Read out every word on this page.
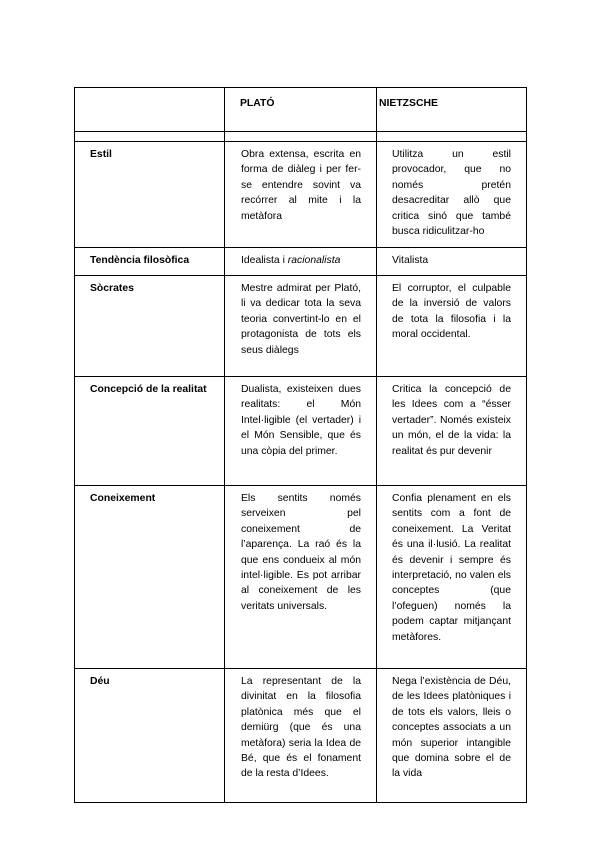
	PLATÓ	NIETZSCHE

Estil	Obra extensa, escrita en forma de diàleg i per fer-se entendre sovint va recórrer al mite i la metàfora	Utilitza un estil provocador, que no només pretén desacreditar allò que critica sinó que també busca ridiculitzar-ho
Tendència filosòfica	Idealista i racionalista	Vitalista
Sòcrates	Mestre admirat per Plató, li va dedicar tota la seva teoria convertint-lo en el protagonista de tots els seus diàlegs	El corruptor, el culpable de la inversió de valors de tota la filosofia i la moral occidental.
Concepció de la realitat	Dualista, existeixen dues realitats: el Món Intel·ligible (el vertader) i el Món Sensible, que és una còpia del primer.	Critica la concepció de les Idees com a “ésser vertader”. Només existeix un món, el de la vida: la realitat és pur devenir
Coneixement	Els sentits només serveixen pel coneixement de l’aparença. La raó és la que ens condueix al món intel·ligible. Es pot arribar al coneixement de les veritats universals.	Confia plenament en els sentits com a font de coneixement. La Veritat és una il·lusió. La realitat és devenir i sempre és interpretació, no valen els conceptes (que l’ofeguen) només la podem captar mitjançant metàfores.
Déu	La representant de la divinitat en la filosofia platònica més que el demiürg (que és una metàfora) seria la Idea de Bé, que és el fonament de la resta d’Idees.	Nega l’existència de Déu, de les Idees platòniques i de tots els valors, lleis o conceptes associats a un món superior intangible que domina sobre el de la vida
